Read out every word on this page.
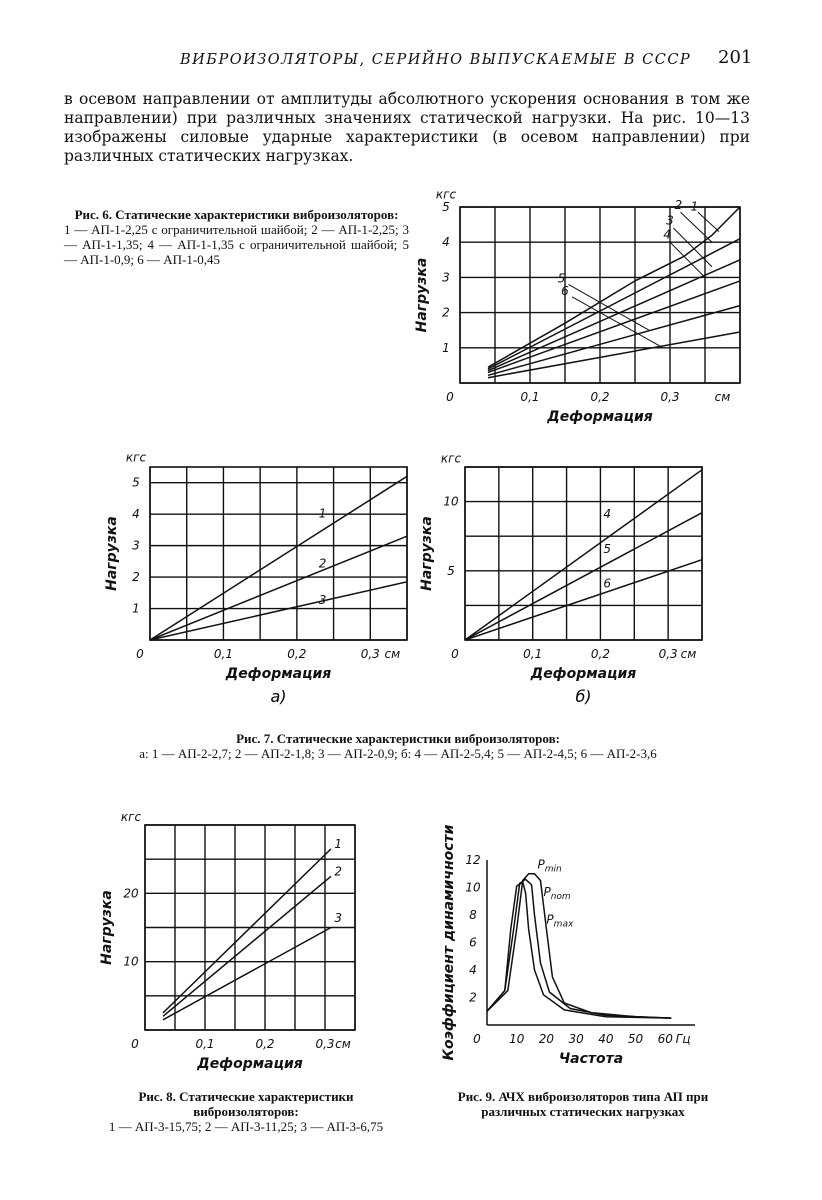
ВИБРОИЗОЛЯТОРЫ, СЕРИЙНО ВЫПУСКАЕМЫЕ В СССР 201
в осевом направлении от амплитуды абсолютного ускорения основания в том же направлении) при различных значениях статической нагрузки. На рис. 10—13 изображены силовые ударные характеристики (в осевом направлении) при различных статических нагрузках.
Рис. 6. Статические характеристики виброизоляторов:
1 — АП-1-2,25 с ограничительной шайбой; 2 — АП-1-2,25; 3 — АП-1-1,35; 4 — АП-1-1,35 с ограничительной шайбой; 5 — АП-1-0,9; 6 — АП-1-0,45
0	0,1	0,2	0,3
1
2
3
4
5
кгс
см
Деформация
Нагрузка
1
2
3
4
5
6
0	0,1	0,2	0,3
1
2
3
4
5
кгс
см
Деформация
Нагрузка
1
2
3
а)
0	0,1	0,2	0,3
5
10
кгс
см
Деформация
Нагрузка
4
5
6
б)
Рис. 7. Статические характеристики виброизоляторов:
а: 1 — АП-2-2,7; 2 — АП-2-1,8; 3 — АП-2-0,9; б: 4 — АП-2-5,4; 5 — АП-2-4,5; 6 — АП-2-3,6
0	0,1	0,2	0,3
10
20
кгс
см
Деформация
Нагрузка
1
2
3
0 10 20 30 40 50 60
2
4
6
8
10
12
Гц
Частота
Коэффициент динамичности	$P_{min}$
$P_{nom}$
$P_{max}$
Рис. 8. Статические характеристики виброизоляторов:
1 — АП-3-15,75; 2 — АП-3-11,25; 3 — АП-3-6,75
Рис. 9. АЧХ виброизоляторов типа АП при различных статических нагрузках
